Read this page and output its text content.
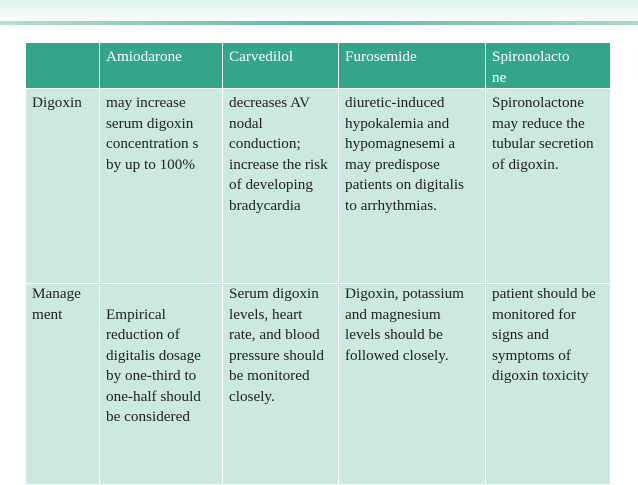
	Amiodarone	Carvedilol	Furosemide	Spironolacto
ne
Digoxin	may increase serum digoxin concentration s by up to 100%	decreases AV nodal conduction; increase the risk of developing bradycardia	diuretic-induced hypokalemia and hypomagnesemi a may predispose patients on digitalis to arrhythmias.	Spironolactone may reduce the tubular secretion of digoxin.
Manage ment	Empirical reduction of digitalis dosage by one-third to one-half should be considered	Serum digoxin levels, heart rate, and blood pressure should be monitored closely.	Digoxin, potassium and magnesium levels should be followed closely.	patient should be monitored for signs and symptoms of digoxin toxicity
